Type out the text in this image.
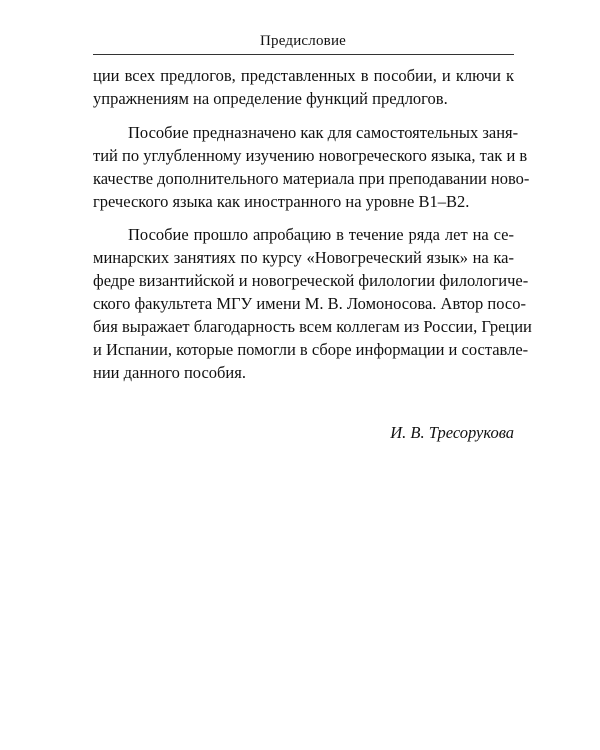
Предисловие
ции всех предлогов, представленных в пособии, и ключи к
упражнениям на определение функций предлогов.
Пособие предназначено как для самостоятельных заня-
тий по углубленному изучению новогреческого языка, так и в
качестве дополнительного материала при преподавании ново-
греческого языка как иностранного на уровне В1–В2.
Пособие прошло апробацию в течение ряда лет на се-
минарских занятиях по курсу «Новогреческий язык» на ка-
федре византийской и новогреческой филологии филологиче-
ского факультета МГУ имени М. В. Ломоносова. Автор посо-
бия выражает благодарность всем коллегам из России, Греции
и Испании, которые помогли в сборе информации и составле-
нии данного пособия.
И. В. Тресорукова
